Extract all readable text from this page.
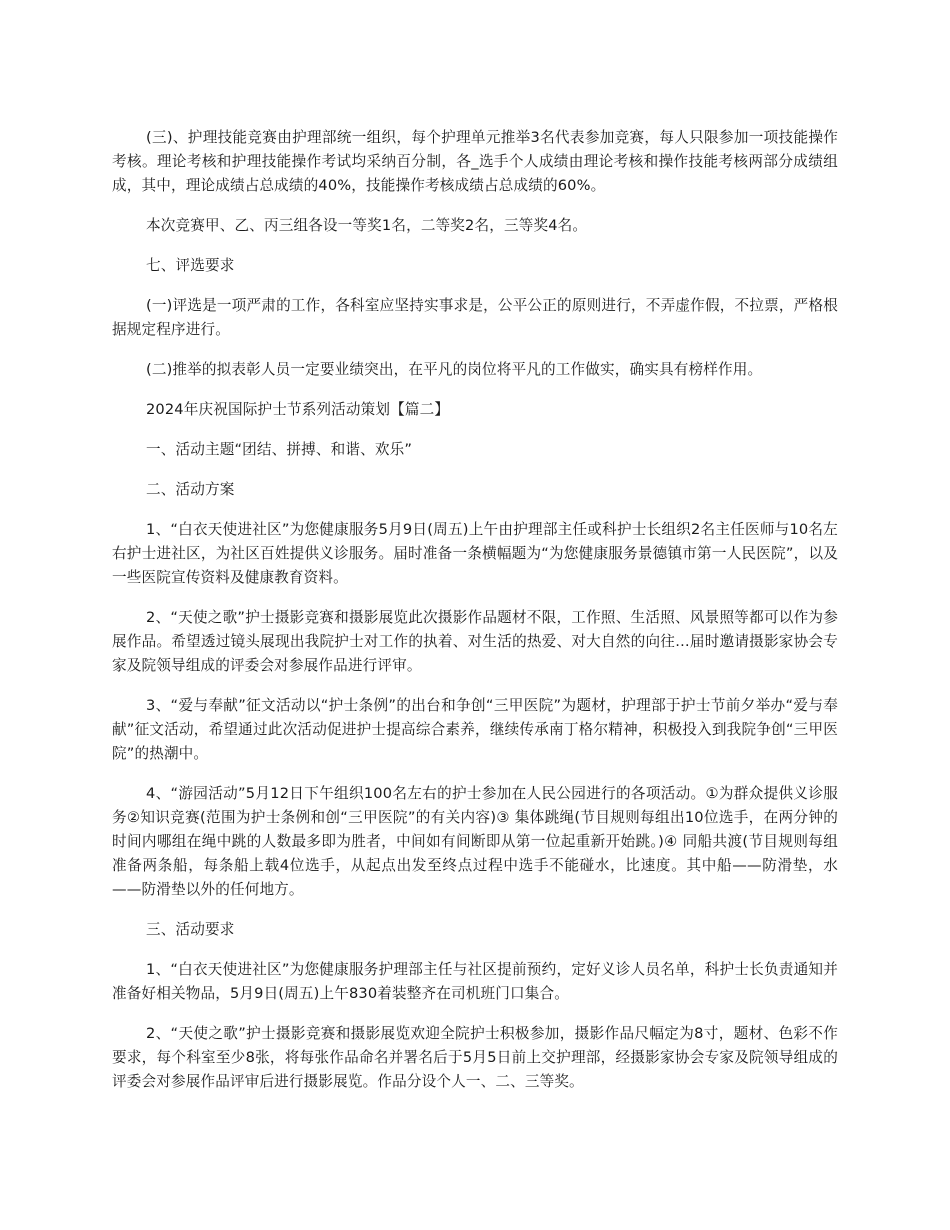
(三)、护理技能竞赛由护理部统一组织，每个护理单元推举3名代表参加竞赛，每人只限参加一项技能操作考核。理论考核和护理技能操作考试均采纳百分制，各_选手个人成绩由理论考核和操作技能考核两部分成绩组成，其中，理论成绩占总成绩的40%，技能操作考核成绩占总成绩的60%。

本次竞赛甲、乙、丙三组各设一等奖1名，二等奖2名，三等奖4名。

七、评选要求

(一)评选是一项严肃的工作，各科室应坚持实事求是，公平公正的原则进行，不弄虚作假，不拉票，严格根据规定程序进行。

(二)推举的拟表彰人员一定要业绩突出，在平凡的岗位将平凡的工作做实，确实具有榜样作用。

2024年庆祝国际护士节系列活动策划【篇二】

一、活动主题“团结、拼搏、和谐、欢乐”

二、活动方案

1、“白衣天使进社区”为您健康服务5月9日(周五)上午由护理部主任或科护士长组织2名主任医师与10名左右护士进社区，为社区百姓提供义诊服务。届时准备一条横幅题为“为您健康服务景德镇市第一人民医院”，以及一些医院宣传资料及健康教育资料。

2、“天使之歌”护士摄影竞赛和摄影展览此次摄影作品题材不限，工作照、生活照、风景照等都可以作为参展作品。希望透过镜头展现出我院护士对工作的执着、对生活的热爱、对大自然的向往…届时邀请摄影家协会专家及院领导组成的评委会对参展作品进行评审。

3、“爱与奉献”征文活动以“护士条例”的出台和争创“三甲医院”为题材，护理部于护士节前夕举办“爱与奉献”征文活动，希望通过此次活动促进护士提高综合素养，继续传承南丁格尔精神，积极投入到我院争创“三甲医院”的热潮中。

4、“游园活动”5月12日下午组织100名左右的护士参加在人民公园进行的各项活动。①为群众提供义诊服务②知识竞赛(范围为护士条例和创“三甲医院”的有关内容)③ 集体跳绳(节目规则每组出10位选手，在两分钟的时间内哪组在绳中跳的人数最多即为胜者，中间如有间断即从第一位起重新开始跳。)④ 同船共渡(节目规则每组准备两条船，每条船上载4位选手，从起点出发至终点过程中选手不能碰水，比速度。其中船——防滑垫，水——防滑垫以外的任何地方。

三、活动要求

1、“白衣天使进社区”为您健康服务护理部主任与社区提前预约，定好义诊人员名单，科护士长负责通知并准备好相关物品，5月9日(周五)上午830着装整齐在司机班门口集合。

2、“天使之歌”护士摄影竞赛和摄影展览欢迎全院护士积极参加，摄影作品尺幅定为8寸，题材、色彩不作要求，每个科室至少8张，将每张作品命名并署名后于5月5日前上交护理部，经摄影家协会专家及院领导组成的评委会对参展作品评审后进行摄影展览。作品分设个人一、二、三等奖。
